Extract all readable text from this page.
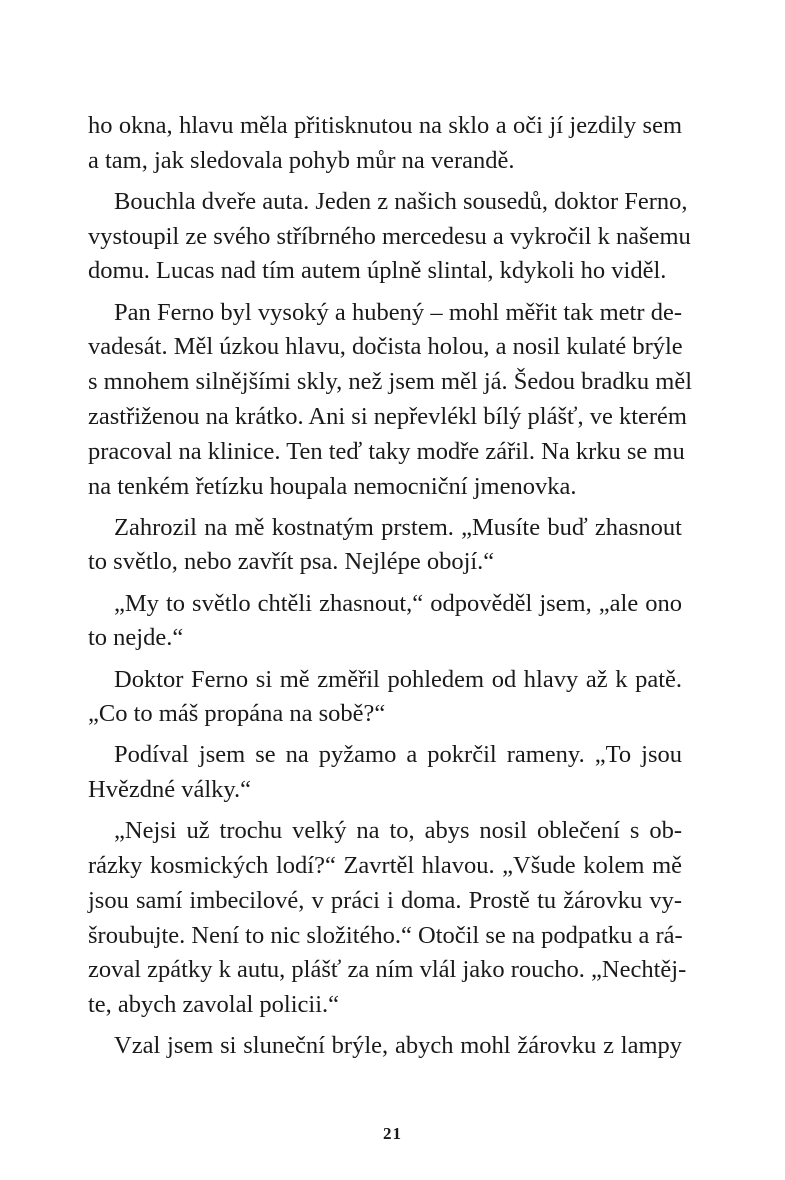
ho okna, hlavu měla přitisknutou na sklo a oči jí jezdily sem
a tam, jak sledovala pohyb můr na verandě.
Bouchla dveře auta. Jeden z našich sousedů, doktor Ferno,
vystoupil ze svého stříbrného mercedesu a vykročil k našemu
domu. Lucas nad tím autem úplně slintal, kdykoli ho viděl.
Pan Ferno byl vysoký a hubený – mohl měřit tak metr de-
vadesát. Měl úzkou hlavu, dočista holou, a nosil kulaté brýle
s mnohem silnějšími skly, než jsem měl já. Šedou bradku měl
zastřiženou na krátko. Ani si nepřevlékl bílý plášť, ve kterém
pracoval na klinice. Ten teď taky modře zářil. Na krku se mu
na tenkém řetízku houpala nemocniční jmenovka.
Zahrozil na mě kostnatým prstem. „Musíte buď zhasnout
to světlo, nebo zavřít psa. Nejlépe obojí.“
„My to světlo chtěli zhasnout,“ odpověděl jsem, „ale ono
to nejde.“
Doktor Ferno si mě změřil pohledem od hlavy až k patě.
„Co to máš propána na sobě?“
Podíval jsem se na pyžamo a pokrčil rameny. „To jsou
Hvězdné války.“
„Nejsi už trochu velký na to, abys nosil oblečení s ob-
rázky kosmických lodí?“ Zavrtěl hlavou. „Všude kolem mě
jsou samí imbecilové, v práci i doma. Prostě tu žárovku vy-
šroubujte. Není to nic složitého.“ Otočil se na podpatku a rá-
zoval zpátky k autu, plášť za ním vlál jako roucho. „Nechtěj-
te, abych zavolal policii.“
Vzal jsem si sluneční brýle, abych mohl žárovku z lampy
21
